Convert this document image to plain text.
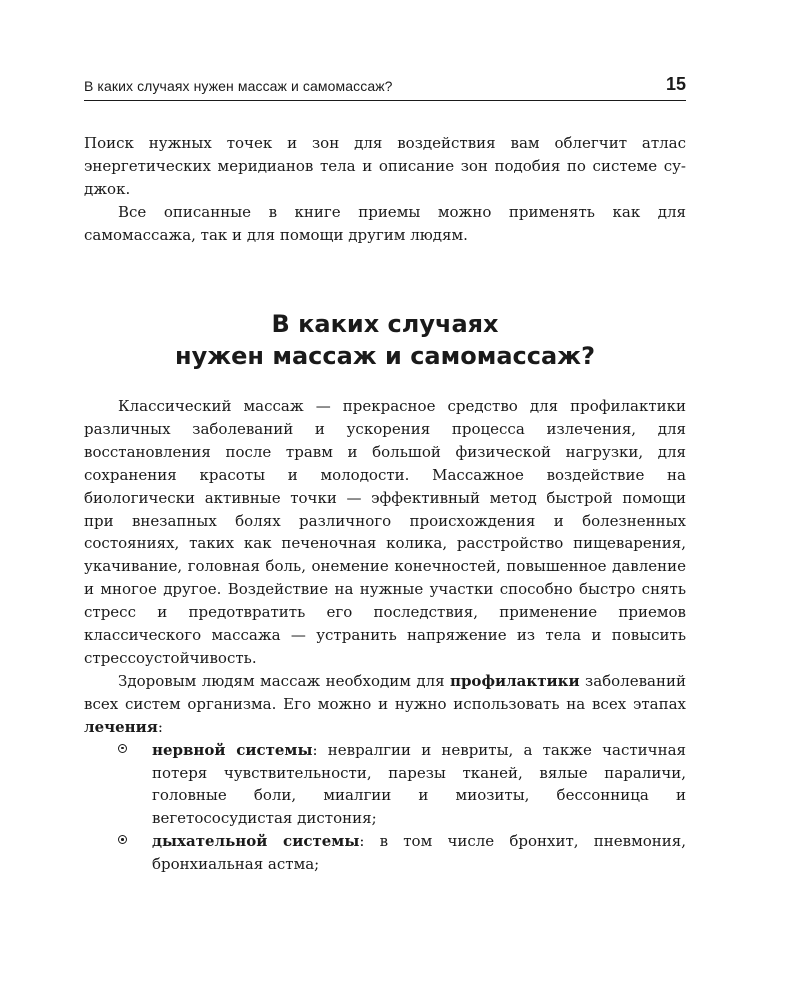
В каких случаях нужен массаж и самомассаж?	15

Поиск нужных точек и зон для воздействия вам облегчит атлас энергетических меридианов тела и описание зон подобия по системе су-джок.

Все описанные в книге приемы можно применять как для самомассажа, так и для помощи другим людям.

В каких случаях
нужен массаж и самомассаж?

Классический массаж — прекрасное средство для профилактики различных заболеваний и ускорения процесса излечения, для восстановления после травм и большой физической нагрузки, для сохранения красоты и молодости. Массажное воздействие на биологически активные точки — эффективный метод быстрой помощи при внезапных болях различного происхождения и болезненных состояниях, таких как печеночная колика, расстройство пищеварения, укачивание, головная боль, онемение конечностей, повышенное давление и многое другое. Воздействие на нужные участки способно быстро снять стресс и предотвратить его последствия, применение приемов классического массажа — устранить напряжение из тела и повысить стрессоустойчивость.

Здоровым людям массаж необходим для профилактики заболеваний всех систем организма. Его можно и нужно использовать на всех этапах лечения:

нервной системы: невралгии и невриты, а также частичная потеря чувствительности, парезы тканей, вялые параличи, головные боли, миалгии и миозиты, бессонница и вегетососудистая дистония;
дыхательной системы: в том числе бронхит, пневмония, бронхиальная астма;
